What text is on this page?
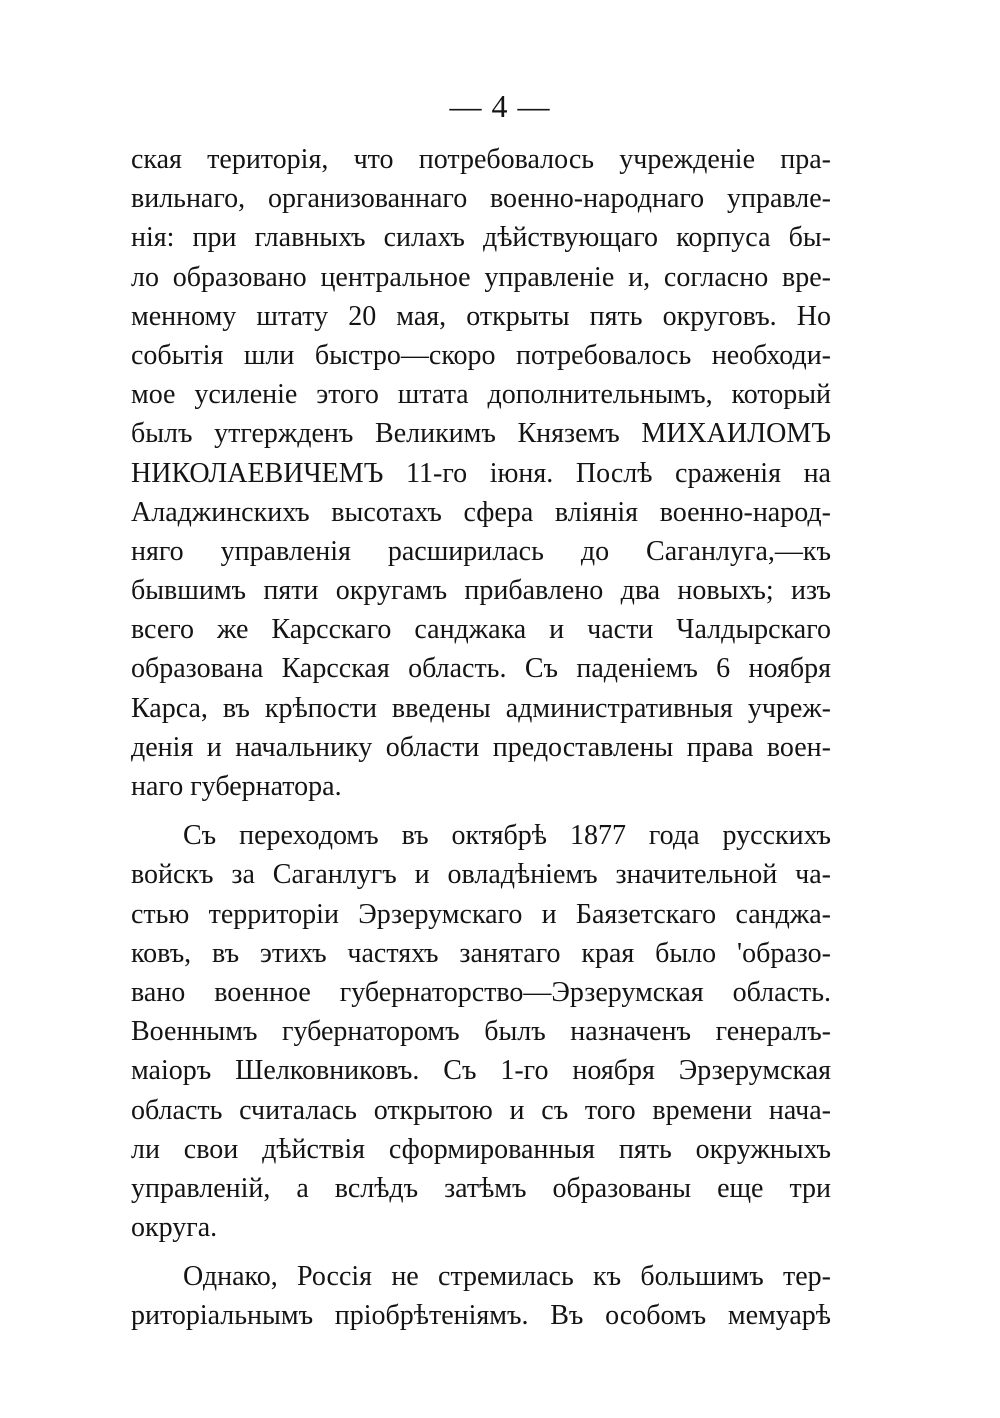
— 4 —
ская територія, что потребовалось учрежденіе пра-
вильнаго, организованнаго военно-народнаго управле-
нія: при главныхъ силахъ дѣйствующаго корпуса бы-
ло образовано центральное управленіе и, согласно вре-
менному штату 20 мая, открыты пять округовъ. Но
событія шли быстро—скоро потребовалось необходи-
мое усиленіе этого штата дополнительнымъ, который
былъ утгержденъ Великимъ Княземъ МИХАИЛОМЪ
НИКОЛАЕВИЧЕМЪ 11-го іюня. Послѣ сраженія на
Аладжинскихъ высотахъ сфера вліянія военно-народ-
няго управленія расширилась до Саганлуга,—къ
бывшимъ пяти округамъ прибавлено два новыхъ; изъ
всего же Карсскаго санджака и части Чалдырскаго
образована Карсская область. Съ паденіемъ 6 ноября
Карса, въ крѣпости введены административныя учреж-
денія и начальнику области предоставлены права воен-
наго губернатора.
Съ переходомъ въ октябрѣ 1877 года русскихъ
войскъ за Саганлугъ и овладѣніемъ значительной ча-
стью территоріи Эрзерумскаго и Баязетскаго санджа-
ковъ, въ этихъ частяхъ занятаго края было 'образо-
вано военное губернаторство—Эрзерумская область.
Военнымъ губернаторомъ былъ назначенъ генералъ-
маіоръ Шелковниковъ. Съ 1-го ноября Эрзерумская
область считалась открытою и съ того времени нача-
ли свои дѣйствія сформированныя пять окружныхъ
управленій, а вслѣдъ затѣмъ образованы еще три
округа.
Однако, Россія не стремилась къ большимъ тер-
риторіальнымъ пріобрѣтеніямъ. Въ особомъ мемуарѣ
